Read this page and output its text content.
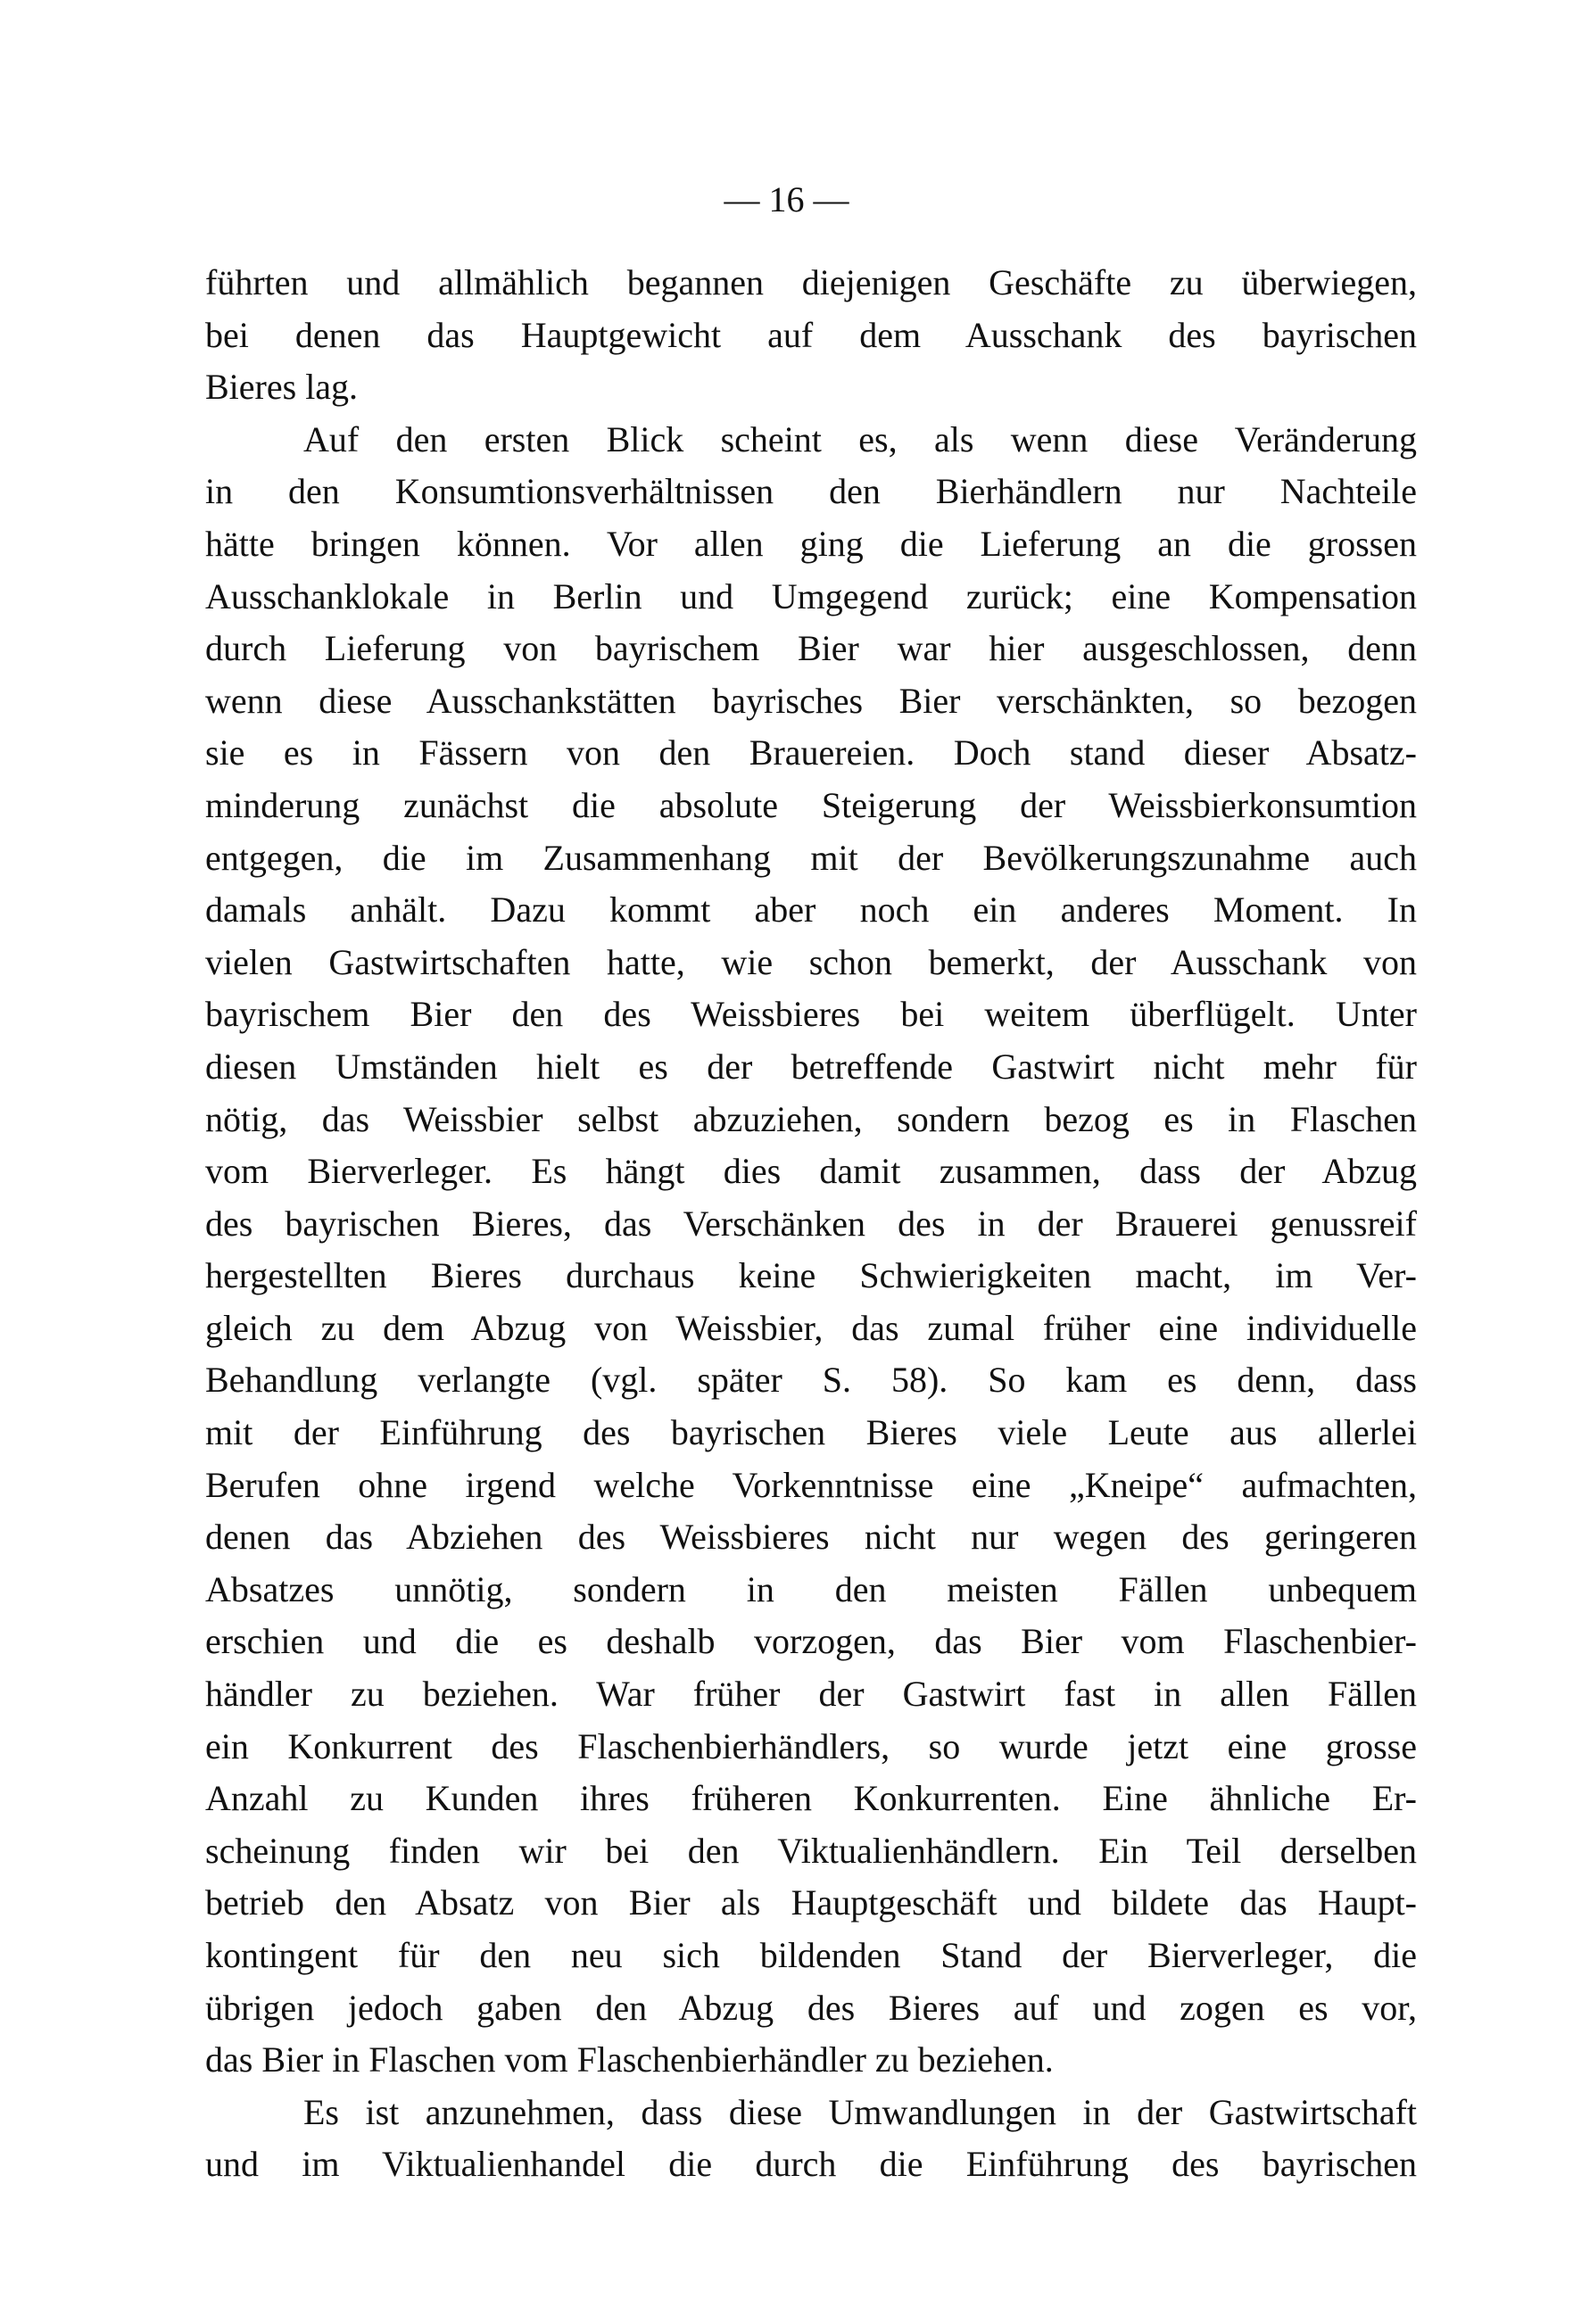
— 16 —
führten und allmählich begannen diejenigen Geschäfte zu überwiegen,
bei denen das Hauptgewicht auf dem Ausschank des bayrischen
Bieres lag.
Auf den ersten Blick scheint es, als wenn diese Veränderung
in den Konsumtionsverhältnissen den Bierhändlern nur Nachteile
hätte bringen können. Vor allen ging die Lieferung an die grossen
Ausschanklokale in Berlin und Umgegend zurück; eine Kompensation
durch Lieferung von bayrischem Bier war hier ausgeschlossen, denn
wenn diese Ausschankstätten bayrisches Bier verschänkten, so bezogen
sie es in Fässern von den Brauereien. Doch stand dieser Absatz-
minderung zunächst die absolute Steigerung der Weissbierkonsumtion
entgegen, die im Zusammenhang mit der Bevölkerungszunahme auch
damals anhält. Dazu kommt aber noch ein anderes Moment. In
vielen Gastwirtschaften hatte, wie schon bemerkt, der Ausschank von
bayrischem Bier den des Weissbieres bei weitem überflügelt. Unter
diesen Umständen hielt es der betreffende Gastwirt nicht mehr für
nötig, das Weissbier selbst abzuziehen, sondern bezog es in Flaschen
vom Bierverleger. Es hängt dies damit zusammen, dass der Abzug
des bayrischen Bieres, das Verschänken des in der Brauerei genussreif
hergestellten Bieres durchaus keine Schwierigkeiten macht, im Ver-
gleich zu dem Abzug von Weissbier, das zumal früher eine individuelle
Behandlung verlangte (vgl. später S. 58). So kam es denn, dass
mit der Einführung des bayrischen Bieres viele Leute aus allerlei
Berufen ohne irgend welche Vorkenntnisse eine „Kneipe“ aufmachten,
denen das Abziehen des Weissbieres nicht nur wegen des geringeren
Absatzes unnötig, sondern in den meisten Fällen unbequem
erschien und die es deshalb vorzogen, das Bier vom Flaschenbier-
händler zu beziehen. War früher der Gastwirt fast in allen Fällen
ein Konkurrent des Flaschenbierhändlers, so wurde jetzt eine grosse
Anzahl zu Kunden ihres früheren Konkurrenten. Eine ähnliche Er-
scheinung finden wir bei den Viktualienhändlern. Ein Teil derselben
betrieb den Absatz von Bier als Hauptgeschäft und bildete das Haupt-
kontingent für den neu sich bildenden Stand der Bierverleger, die
übrigen jedoch gaben den Abzug des Bieres auf und zogen es vor,
das Bier in Flaschen vom Flaschenbierhändler zu beziehen.
Es ist anzunehmen, dass diese Umwandlungen in der Gastwirtschaft
und im Viktualienhandel die durch die Einführung des bayrischen
